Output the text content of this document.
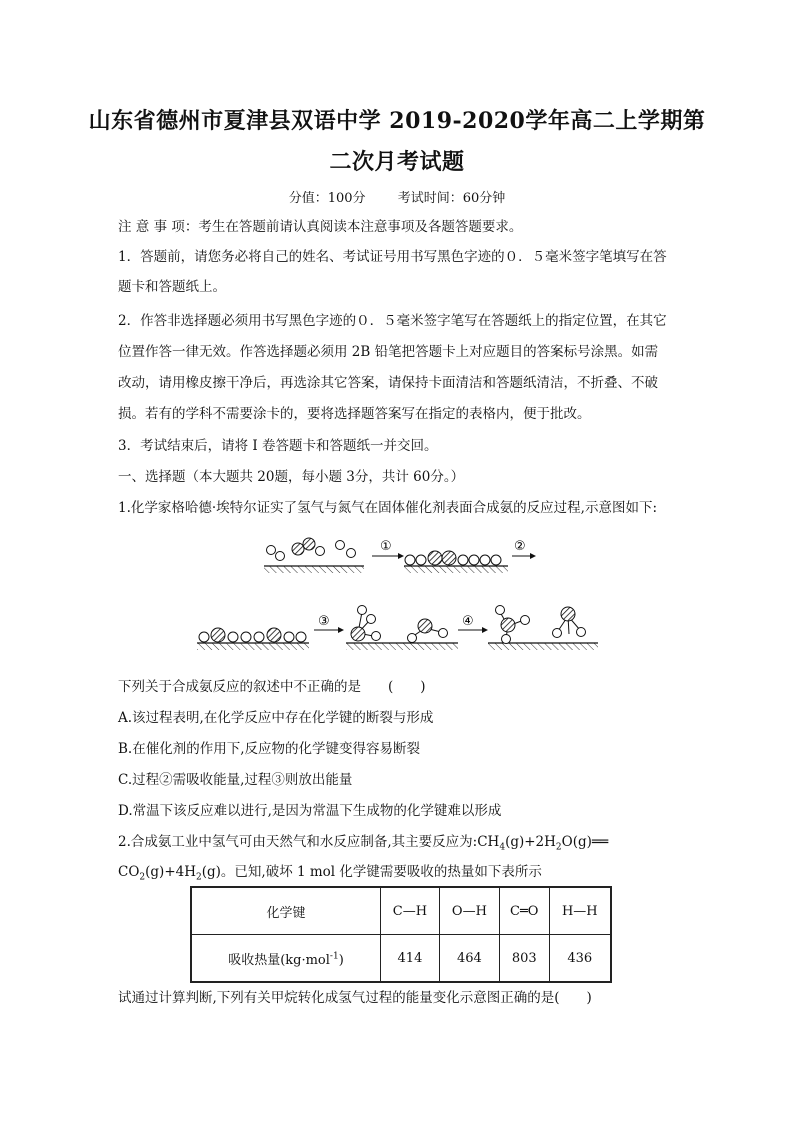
山东省德州市夏津县双语中学 2019-2020学年高二上学期第
二次月考试题
分值：100分 考试时间：60分钟
注 意 事 项：考生在答题前请认真阅读本注意事项及各题答题要求。
1．答题前，请您务必将自己的姓名、考试证号用书写黑色字迹的０．５毫米签字笔填写在答
题卡和答题纸上。
2．作答非选择题必须用书写黑色字迹的０．５毫米签字笔写在答题纸上的指定位置，在其它
位置作答一律无效。作答选择题必须用 2B 铅笔把答题卡上对应题目的答案标号涂黑。如需
改动，请用橡皮擦干净后，再选涂其它答案，请保持卡面清洁和答题纸清洁，不折叠、不破
损。若有的学科不需要涂卡的，要将选择题答案写在指定的表格内，便于批改。
3．考试结束后，请将 I 卷答题卡和答题纸一并交回。
一、选择题（本大题共 20题，每小题 3分，共计 60分。）
1.化学家格哈德·埃特尔证实了氢气与氮气在固体催化剂表面合成氨的反应过程,示意图如下:
①	②
③	④
下列关于合成氨反应的叙述中不正确的是　　(　　)
A.该过程表明,在化学反应中存在化学键的断裂与形成
B.在催化剂的作用下,反应物的化学键变得容易断裂
C.过程②需吸收能量,过程③则放出能量
D.常温下该反应难以进行,是因为常温下生成物的化学键难以形成
2.合成氨工业中氢气可由天然气和水反应制备,其主要反应为$:CH_4(g)+2H_2O(g)══$
$CO_2(g)+4H_2(g)$。已知,破坏 1 mol 化学键需要吸收的热量如下表所示
化学键	C—H	O—H	C═O	H—H
吸收热量(kg·mol$^{-1}$)	414	464	803	436
试通过计算判断,下列有关甲烷转化成氢气过程的能量变化示意图正确的是(　　)
